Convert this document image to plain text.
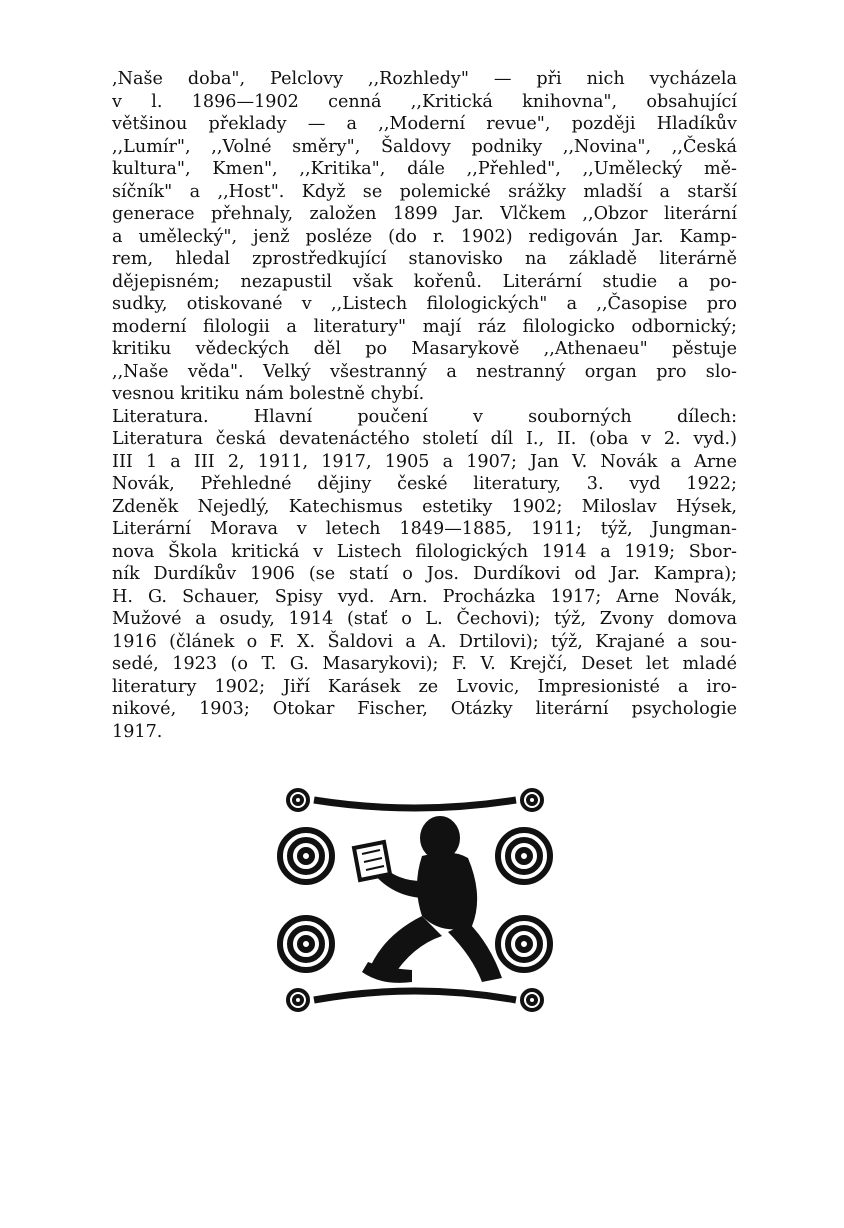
,Naše doba", Pelclovy ,,Rozhledy" — při nich vycházela
v l. 1896—1902 cenná ,,Kritická knihovna", obsahující
většinou překlady — a ,,Moderní revue", později Hladíkův
,,Lumír", ,,Volné směry", Šaldovy podniky ,,Novina", ,,Česká
kultura", Kmen", ,,Kritika", dále ,,Přehled", ,,Umělecký mě-
síčník" a ,,Host". Když se polemické srážky mladší a starší
generace přehnaly, založen 1899 Jar. Vlčkem ,,Obzor literární
a umělecký", jenž posléze (do r. 1902) redigován Jar. Kamp-
rem, hledal zprostředkující stanovisko na základě literárně
dějepisném; nezapustil však kořenů. Literární studie a po-
sudky, otiskované v ,,Listech filologických" a ,,Časopise pro
moderní filologii a literatury" mají ráz filologicko odbornický;
kritiku vědeckých děl po Masarykově ,,Athenaeu" pěstuje
,,Naše věda". Velký všestranný a nestranný organ pro slo-
vesnou kritiku nám bolestně chybí.
Literatura. Hlavní poučení v souborných dílech:
Literatura česká devatenáctého století díl I., II. (oba v 2. vyd.)
III 1 a III 2, 1911, 1917, 1905 a 1907; Jan V. Novák a Arne
Novák, Přehledné dějiny české literatury, 3. vyd 1922;
Zdeněk Nejedlý, Katechismus estetiky 1902; Miloslav Hýsek,
Literární Morava v letech 1849—1885, 1911; týž, Jungman-
nova Škola kritická v Listech filologických 1914 a 1919; Sbor-
ník Durdíkův 1906 (se statí o Jos. Durdíkovi od Jar. Kampra);
H. G. Schauer, Spisy vyd. Arn. Procházka 1917; Arne Novák,
Mužové a osudy, 1914 (stať o L. Čechovi); týž, Zvony domova
1916 (článek o F. X. Šaldovi a A. Drtilovi); týž, Krajané a sou-
sedé, 1923 (o T. G. Masarykovi); F. V. Krejčí, Deset let mladé
literatury 1902; Jiří Karásek ze Lvovic, Impresionisté a iro-
nikové, 1903; Otokar Fischer, Otázky literární psychologie
1917.
